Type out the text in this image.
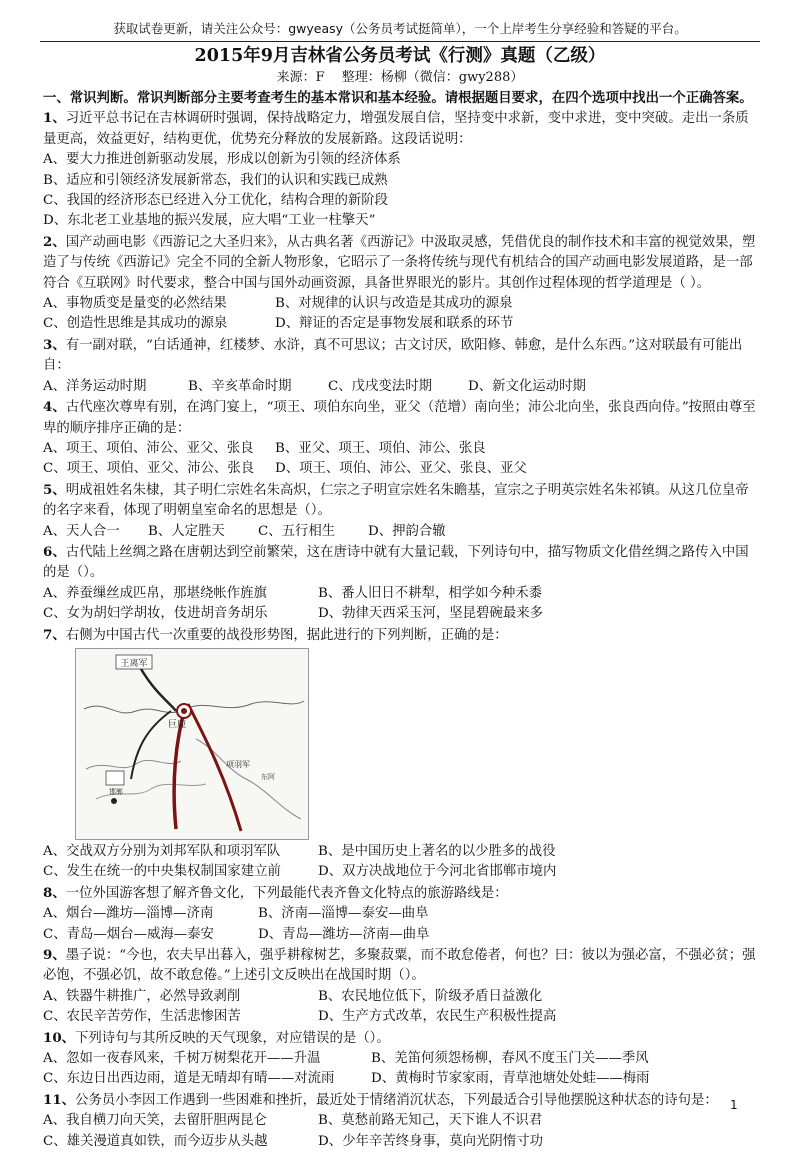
获取试卷更新，请关注公众号：gwyeasy（公务员考试挺简单），一个上岸考生分享经验和答疑的平台。
2015年9月吉林省公务员考试《行测》真题（乙级）
来源：F　 整理：杨柳（微信：gwy288）

一、常识判断。常识判断部分主要考查考生的基本常识和基本经验。请根据题目要求，在四个选项中找出一个正确答案。

1、习近平总书记在吉林调研时强调，保持战略定力，增强发展自信，坚持变中求新，变中求进，变中突破。走出一条质量更高，效益更好，结构更优，优势充分释放的发展新路。这段话说明：

A、要大力推进创新驱动发展，形成以创新为引领的经济体系

B、适应和引领经济发展新常态，我们的认识和实践已成熟

C、我国的经济形态已经进入分工优化，结构合理的新阶段

D、东北老工业基地的振兴发展，应大唱“工业一柱擎天”

2、国产动画电影《西游记之大圣归来》，从古典名著《西游记》中汲取灵感，凭借优良的制作技术和丰富的视觉效果，塑造了与传统《西游记》完全不同的全新人物形象，它昭示了一条将传统与现代有机结合的国产动画电影发展道路，是一部符合《互联网》时代要求，整合中国与国外动画资源，具备世界眼光的影片。其创作过程体现的哲学道理是（ ）。

A、事物质变是量变的必然结果	B、对规律的认识与改造是其成功的源泉
C、创造性思维是其成功的源泉	D、辩证的否定是事物发展和联系的环节

3、有一副对联，“白话通神，红楼梦、水浒，真不可思议；古文讨厌，欧阳修、韩愈，是什么东西。”这对联最有可能出自：

A、洋务运动时期	B、辛亥革命时期	C、戊戌变法时期	D、新文化运动时期

4、古代座次尊卑有别，在鸿门宴上，“项王、项伯东向坐，亚父（范增）南向坐；沛公北向坐，张良西向侍。”按照由尊至卑的顺序排序正确的是：

A、项王、项伯、沛公、亚父、张良	B、亚父、项王、项伯、沛公、张良
C、项王、项伯、亚父、沛公、张良	D、项王、项伯、沛公、亚父、张良、亚父

5、明成祖姓名朱棣，其子明仁宗姓名朱高炽，仁宗之子明宣宗姓名朱瞻基，宣宗之子明英宗姓名朱祁镇。从这几位皇帝的名字来看，体现了明朝皇室命名的思想是（）。

A、天人合一	B、人定胜天	C、五行相生	D、押韵合辙

6、古代陆上丝绸之路在唐朝达到空前繁荣，这在唐诗中就有大量记载，下列诗句中，描写物质文化借丝绸之路传入中国的是（）。

A、养蚕缫丝成匹帛，那堪绕帐作旌旗	B、番人旧日不耕犁，相学如今种禾黍
C、女为胡妇学胡妆，伎进胡音务胡乐	D、勃律天西采玉河，坚昆碧碗最来多

7、右侧为中国古代一次重要的战役形势图，据此进行的下列判断，正确的是：

王离军
巨鹿
项羽军
东阿
邯郸
A、交战双方分别为刘邦军队和项羽军队	B、是中国历史上著名的以少胜多的战役
C、发生在统一的中央集权制国家建立前	D、双方决战地位于今河北省邯郸市境内

8、一位外国游客想了解齐鲁文化，下列最能代表齐鲁文化特点的旅游路线是：

A、烟台—潍坊—淄博—济南	B、济南—淄博—泰安—曲阜
C、青岛—烟台—威海—泰安	D、青岛—潍坊—济南—曲阜

9、墨子说：“今也，农夫早出暮入，强乎耕稼树艺，多聚菽粟，而不敢怠倦者，何也？曰：彼以为强必富，不强必贫；强必饱，不强必饥，故不敢怠倦。”上述引文反映出在战国时期（）。

A、铁器牛耕推广，必然导致剥削	B、农民地位低下，阶级矛盾日益激化
C、农民辛苦劳作，生活悲惨困苦	D、生产方式改革，农民生产积极性提高

10、下列诗句与其所反映的天气现象，对应错误的是（）。

A、忽如一夜春风来，千树万树梨花开——升温	B、羌笛何须怨杨柳，春风不度玉门关——季风
C、东边日出西边雨，道是无晴却有晴——对流雨	D、黄梅时节家家雨，青草池塘处处蛙——梅雨

11、公务员小李因工作遇到一些困难和挫折，最近处于情绪消沉状态，下列最适合引导他摆脱这种状态的诗句是：

A、我自横刀向天笑，去留肝胆两昆仑	B、莫愁前路无知己，天下谁人不识君
C、雄关漫道真如铁，而今迈步从头越	D、少年辛苦终身事，莫向光阴惰寸功
1
